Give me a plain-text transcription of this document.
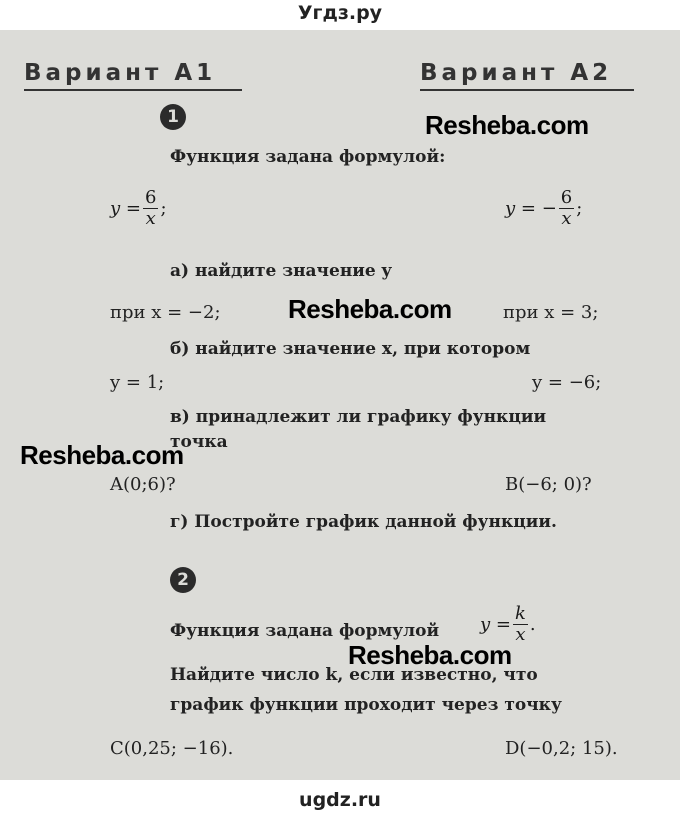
Угдз.ру
Вариант А1	Вариант А2
1	Resheba.com
Функция задана формулой:
$y = \frac{6}{x}$ ;	y = − $\frac{6}{x}$ ;
а) найдите значение y
при x = −2;	Resheba.com	при x = 3;
б) найдите значение x, при котором
y = 1;	y = −6;
в) принадлежит ли графику функции
точка
Resheba.com
A(0;6)?	B(−6; 0)?
г) Постройте график данной функции.
2
Функция задана формулой $y = \frac{k}{x}$ .
Resheba.com
Найдите число k, если известно, что
график функции проходит через точку
C(0,25; −16).	D(−0,2; 15).
ugdz.ru
